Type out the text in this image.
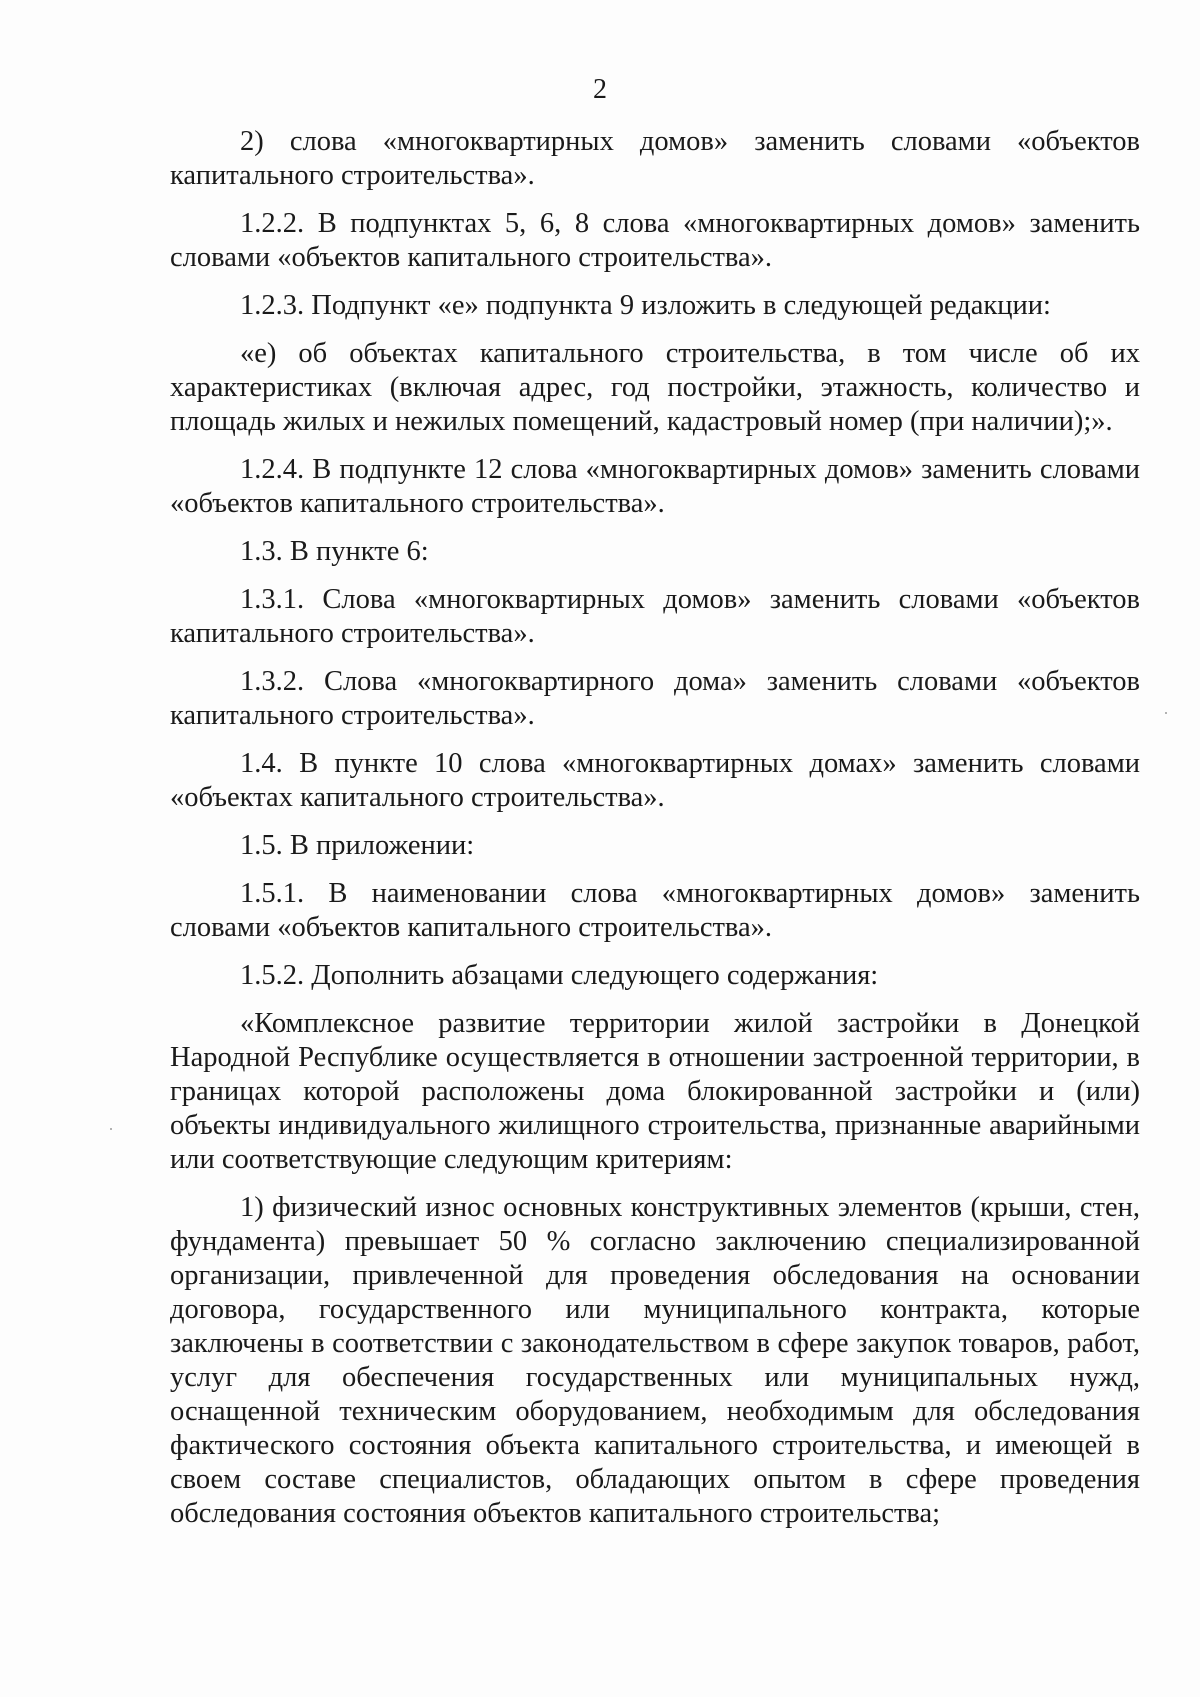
2

2) слова «многоквартирных домов» заменить словами «объектов капитального строительства».

1.2.2. В подпунктах 5, 6, 8 слова «многоквартирных домов» заменить словами «объектов капитального строительства».

1.2.3. Подпункт «е» подпункта 9 изложить в следующей редакции:

«е) об объектах капитального строительства, в том числе об их характеристиках (включая адрес, год постройки, этажность, количество и площадь жилых и нежилых помещений, кадастровый номер (при наличии);».

1.2.4. В подпункте 12 слова «многоквартирных домов» заменить словами «объектов капитального строительства».

1.3. В пункте 6:

1.3.1. Слова «многоквартирных домов» заменить словами «объектов капитального строительства».

1.3.2. Слова «многоквартирного дома» заменить словами «объектов капитального строительства».

1.4. В пункте 10 слова «многоквартирных домах» заменить словами «объектах капитального строительства».

1.5. В приложении:

1.5.1. В наименовании слова «многоквартирных домов» заменить словами «объектов капитального строительства».

1.5.2. Дополнить абзацами следующего содержания:

«Комплексное развитие территории жилой застройки в Донецкой Народной Республике осуществляется в отношении застроенной территории, в границах которой расположены дома блокированной застройки и (или) объекты индивидуального жилищного строительства, признанные аварийными или соответствующие следующим критериям:

1) физический износ основных конструктивных элементов (крыши, стен, фундамента) превышает 50 % согласно заключению специализированной организации, привлеченной для проведения обследования на основании договора, государственного или муниципального контракта, которые заключены в соответствии с законодательством в сфере закупок товаров, работ, услуг для обеспечения государственных или муниципальных нужд, оснащенной техническим оборудованием, необходимым для обследования фактического состояния объекта капитального строительства, и имеющей в своем составе специалистов, обладающих опытом в сфере проведения обследования состояния объектов капитального строительства;
